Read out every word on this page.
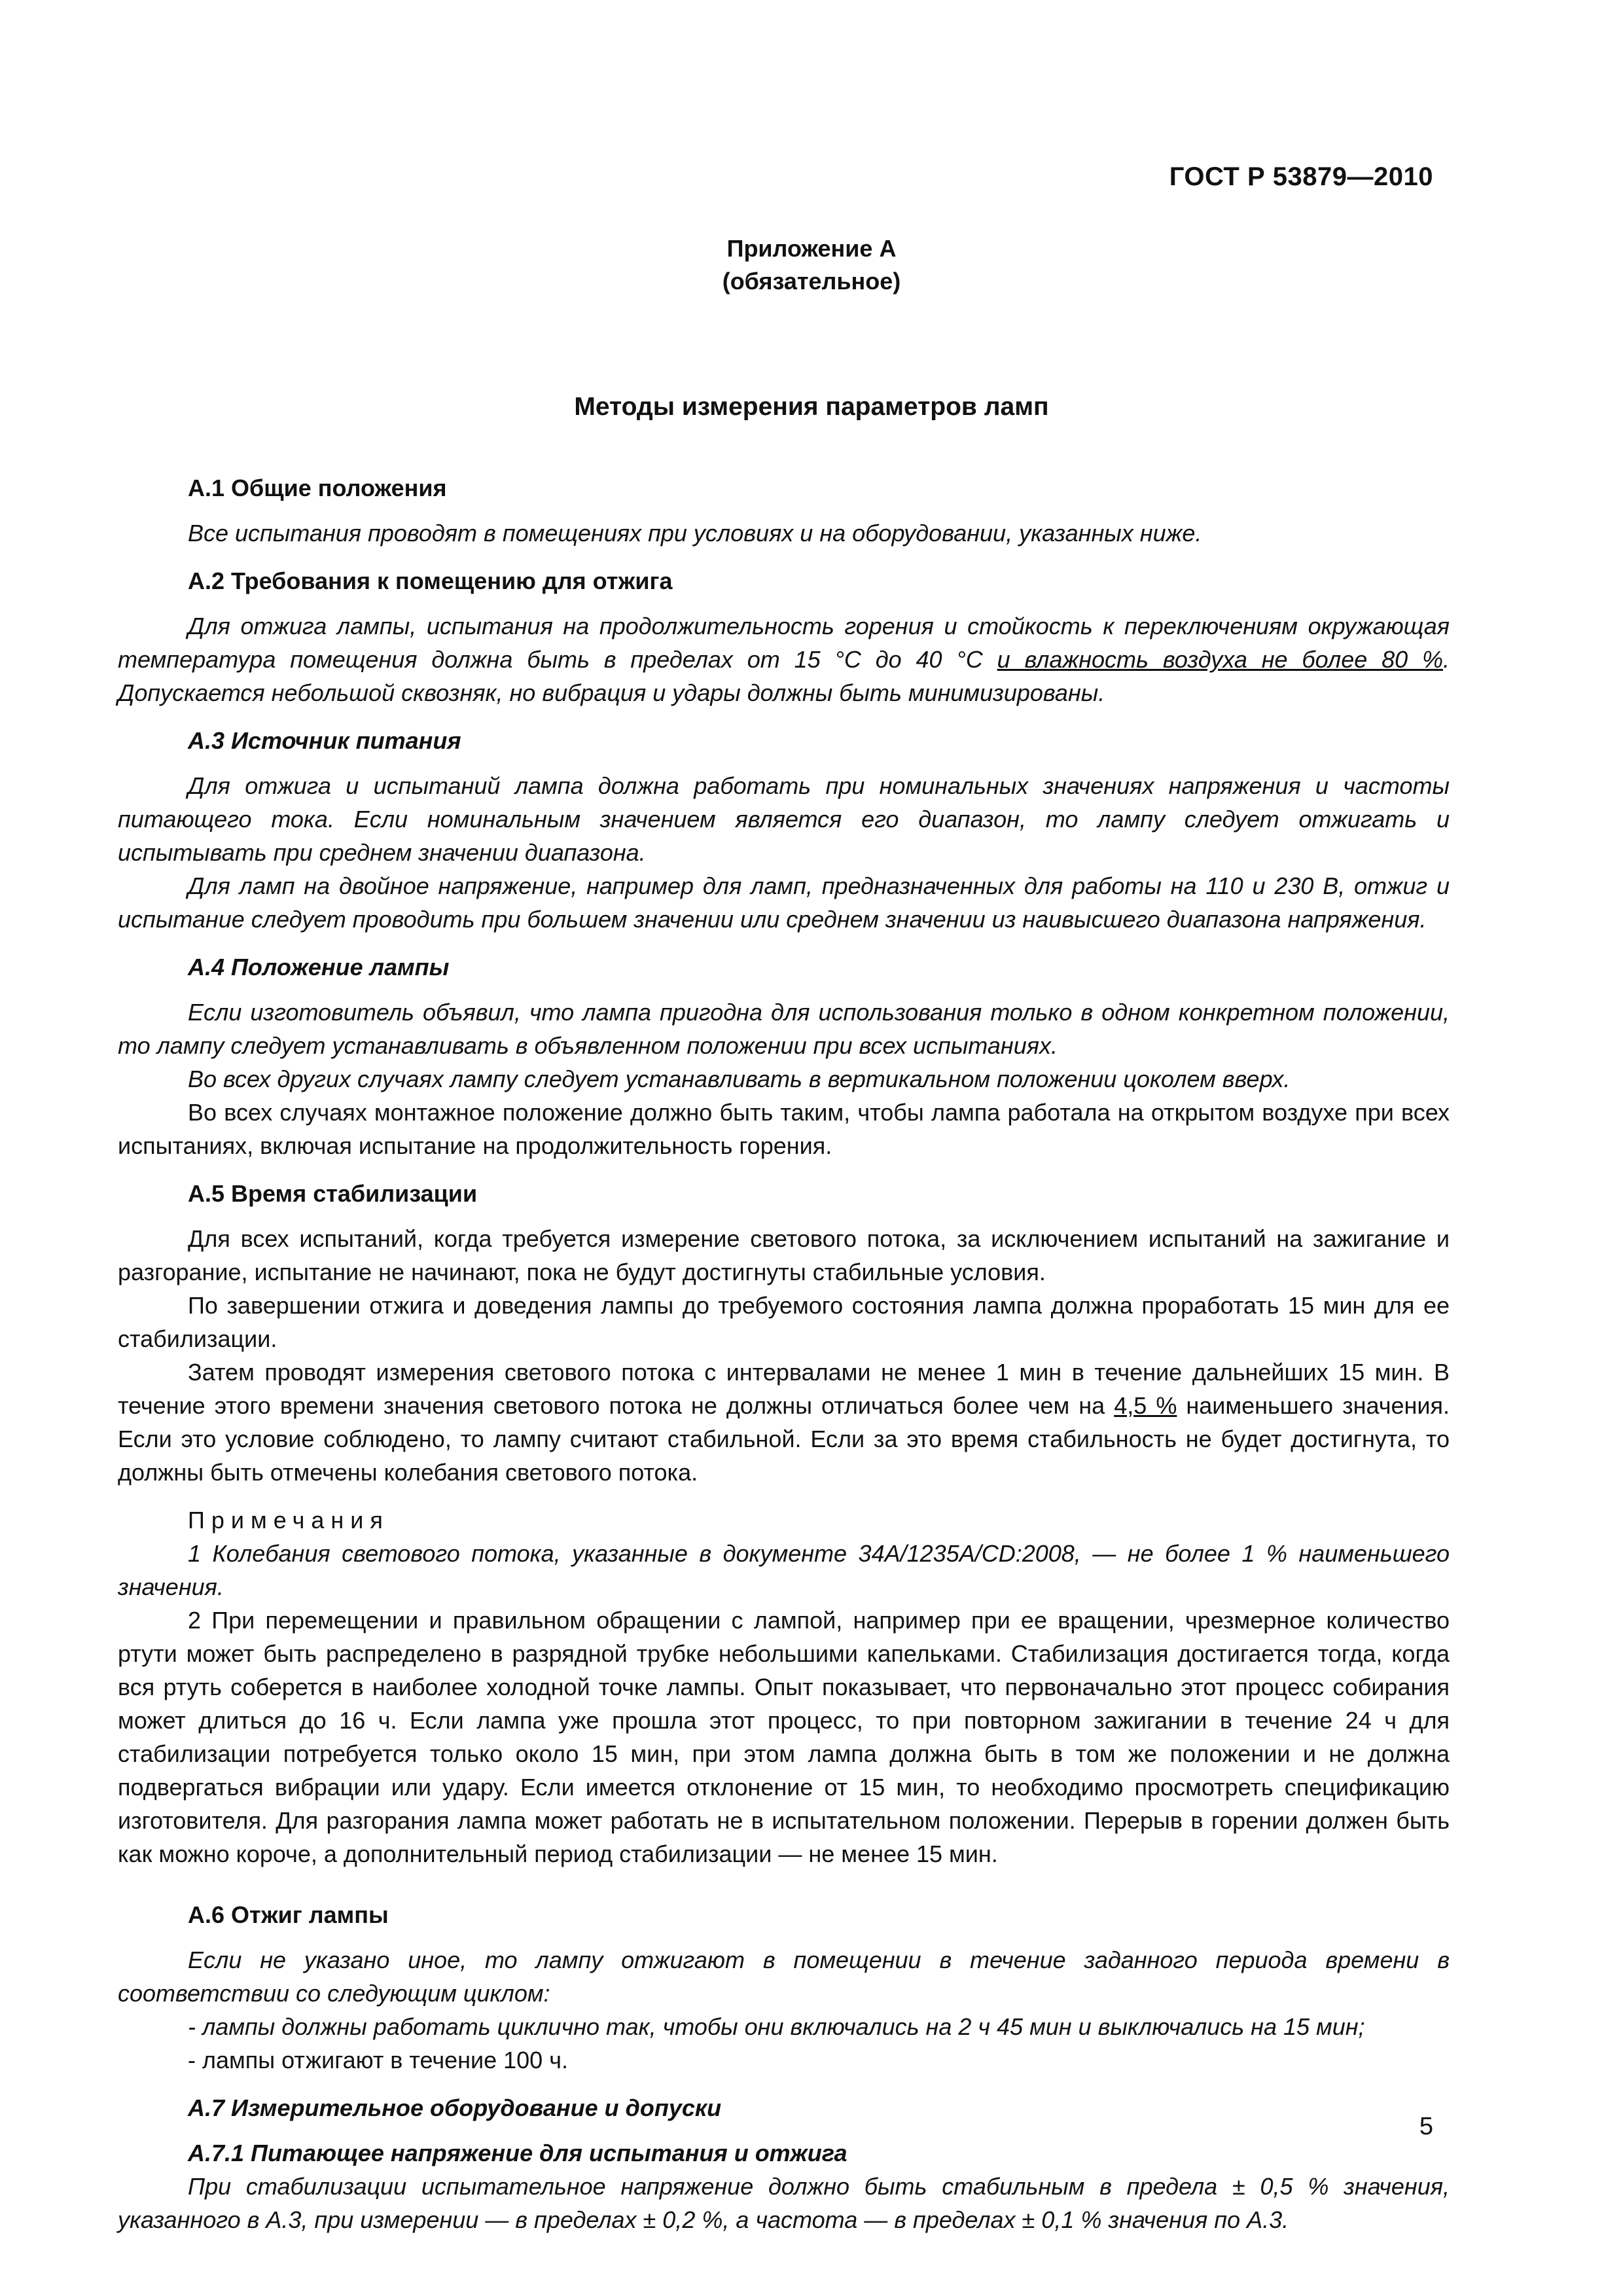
ГОСТ Р 53879—2010
Приложение А
(обязательное)
Методы измерения параметров ламп
А.1 Общие положения
Все испытания проводят в помещениях при условиях и на оборудовании, указанных ниже.
А.2 Требования к помещению для отжига
Для отжига лампы, испытания на продолжительность горения и стойкость к переключениям окружающая температура помещения должна быть в пределах от 15 °С до 40 °С и влажность воздуха не более 80 %. Допускается небольшой сквозняк, но вибрация и удары должны быть минимизированы.
А.3 Источник питания
Для отжига и испытаний лампа должна работать при номинальных значениях напряжения и частоты питающего тока. Если номинальным значением является его диапазон, то лампу следует отжигать и испытывать при среднем значении диапазона.
Для ламп на двойное напряжение, например для ламп, предназначенных для работы на 110 и 230 В, отжиг и испытание следует проводить при большем значении или среднем значении из наивысшего диапазона напряжения.
А.4 Положение лампы
Если изготовитель объявил, что лампа пригодна для использования только в одном конкретном положении, то лампу следует устанавливать в объявленном положении при всех испытаниях.
Во всех других случаях лампу следует устанавливать в вертикальном положении цоколем вверх.
Во всех случаях монтажное положение должно быть таким, чтобы лампа работала на открытом воздухе при всех испытаниях, включая испытание на продолжительность горения.
А.5 Время стабилизации
Для всех испытаний, когда требуется измерение светового потока, за исключением испытаний на зажигание и разгорание, испытание не начинают, пока не будут достигнуты стабильные условия.
По завершении отжига и доведения лампы до требуемого состояния лампа должна проработать 15 мин для ее стабилизации.
Затем проводят измерения светового потока с интервалами не менее 1 мин в течение дальнейших 15 мин. В течение этого времени значения светового потока не должны отличаться более чем на 4,5 % наименьшего значения. Если это условие соблюдено, то лампу считают стабильной. Если за это время стабильность не будет достигнута, то должны быть отмечены колебания светового потока.
Примечания
1 Колебания светового потока, указанные в документе 34A/1235A/CD:2008, — не более 1 % наименьшего значения.
2 При перемещении и правильном обращении с лампой, например при ее вращении, чрезмерное количество ртути может быть распределено в разрядной трубке небольшими капельками. Стабилизация достигается тогда, когда вся ртуть соберется в наиболее холодной точке лампы. Опыт показывает, что первоначально этот процесс собирания может длиться до 16 ч. Если лампа уже прошла этот процесс, то при повторном зажигании в течение 24 ч для стабилизации потребуется только около 15 мин, при этом лампа должна быть в том же положении и не должна подвергаться вибрации или удару. Если имеется отклонение от 15 мин, то необходимо просмотреть спецификацию изготовителя. Для разгорания лампа может работать не в испытательном положении. Перерыв в горении должен быть как можно короче, а дополнительный период стабилизации — не менее 15 мин.
А.6 Отжиг лампы
Если не указано иное, то лампу отжигают в помещении в течение заданного периода времени в соответствии со следующим циклом:
- лампы должны работать циклично так, чтобы они включались на 2 ч 45 мин и выключались на 15 мин;
- лампы отжигают в течение 100 ч.
А.7 Измерительное оборудование и допуски
А.7.1 Питающее напряжение для испытания и отжига
При стабилизации испытательное напряжение должно быть стабильным в предела ± 0,5 % значения, указанного в А.3, при измерении — в пределах ± 0,2 %, а частота — в пределах ± 0,1 % значения по А.3.
5
